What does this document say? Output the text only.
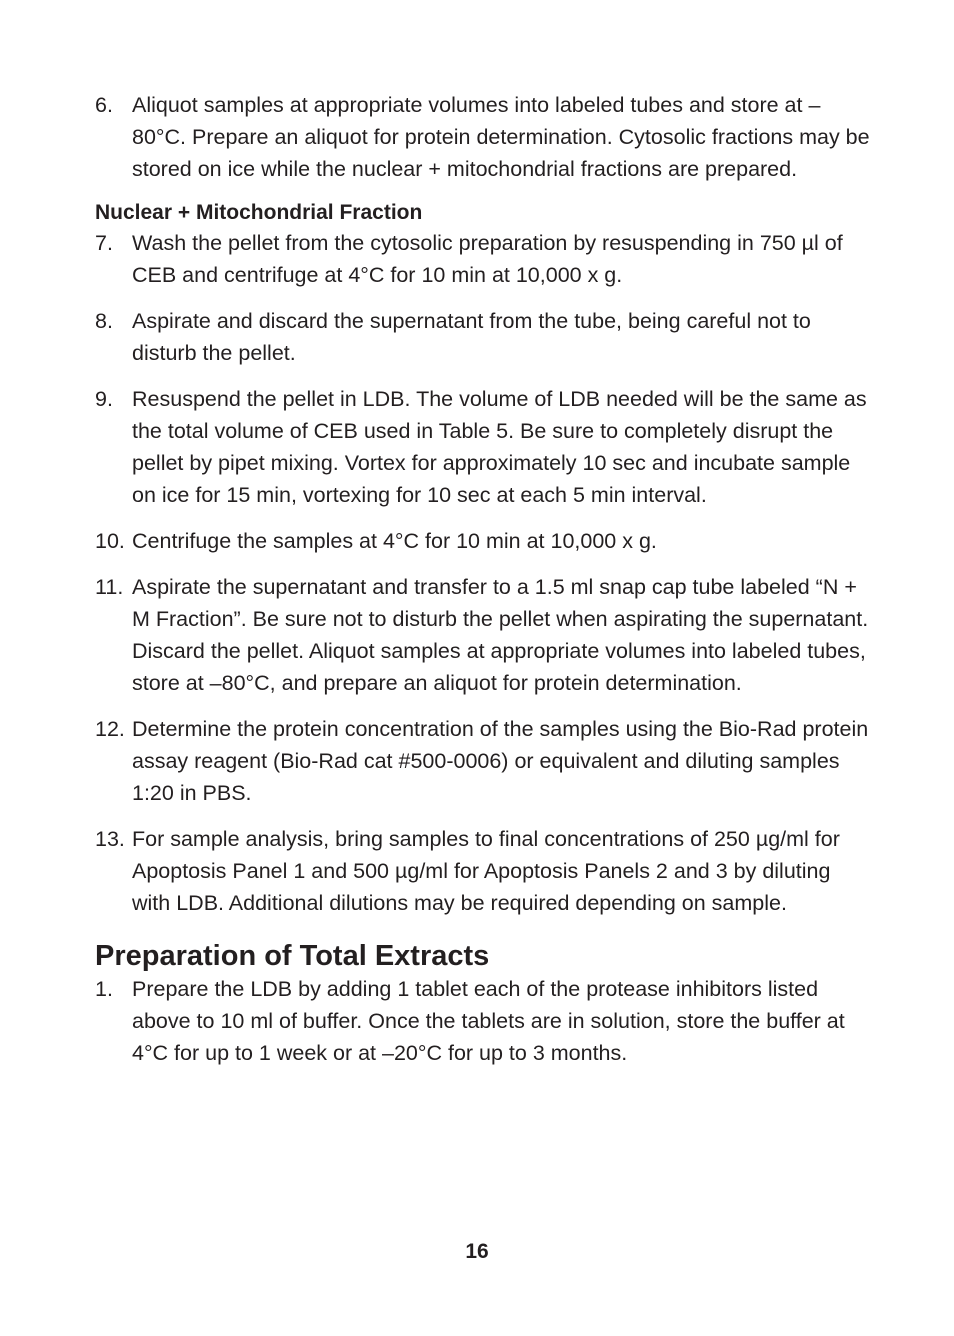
6. Aliquot samples at appropriate volumes into labeled tubes and store at –80°C. Prepare an aliquot for protein determination. Cytosolic fractions may be stored on ice while the nuclear + mitochondrial fractions are prepared.
Nuclear + Mitochondrial Fraction
7. Wash the pellet from the cytosolic preparation by resuspending in 750 µl of CEB and centrifuge at 4°C for 10 min at 10,000 x g.
8. Aspirate and discard the supernatant from the tube, being careful not to disturb the pellet.
9. Resuspend the pellet in LDB. The volume of LDB needed will be the same as the total volume of CEB used in Table 5. Be sure to completely disrupt the pellet by pipet mixing. Vortex for approximately 10 sec and incubate sample on ice for 15 min, vortexing for 10 sec at each 5 min interval.
10. Centrifuge the samples at 4°C for 10 min at 10,000 x g.
11. Aspirate the supernatant and transfer to a 1.5 ml snap cap tube labeled “N + M Fraction”. Be sure not to disturb the pellet when aspirating the supernatant. Discard the pellet. Aliquot samples at appropriate volumes into labeled tubes, store at –80°C, and prepare an aliquot for protein determination.
12. Determine the protein concentration of the samples using the Bio-Rad protein assay reagent (Bio-Rad cat #500-0006) or equivalent and diluting samples 1:20 in PBS.
13. For sample analysis, bring samples to final concentrations of 250 µg/ml for Apoptosis Panel 1 and 500 µg/ml for Apoptosis Panels 2 and 3 by diluting with LDB. Additional dilutions may be required depending on sample.
Preparation of Total Extracts
1. Prepare the LDB by adding 1 tablet each of the protease inhibitors listed above to 10 ml of buffer. Once the tablets are in solution, store the buffer at 4°C for up to 1 week or at –20°C for up to 3 months.
16
